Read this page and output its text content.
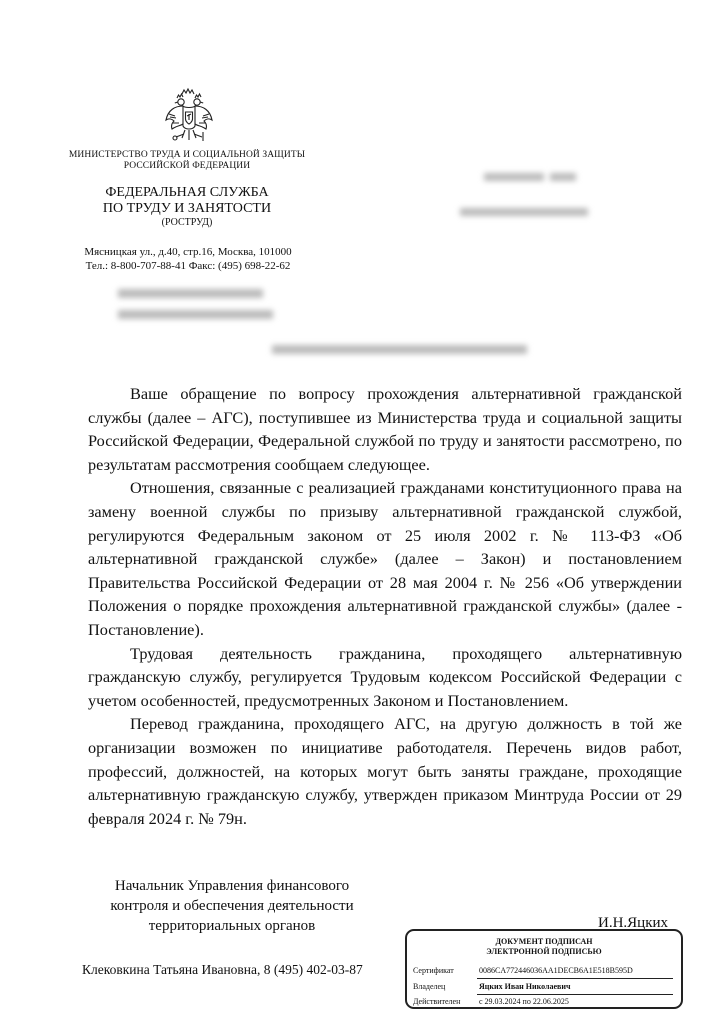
МИНИСТЕРСТВО ТРУДА И СОЦИАЛЬНОЙ ЗАЩИТЫ
РОССИЙСКОЙ ФЕДЕРАЦИИ
ФЕДЕРАЛЬНАЯ СЛУЖБА
ПО ТРУДУ И ЗАНЯТОСТИ
(РОСТРУД)
Мясницкая ул., д.40, стр.16, Москва, 101000
Тел.: 8-800-707-88-41 Факс: (495) 698-22-62

Ваше обращение по вопросу прохождения альтернативной гражданской службы (далее – АГС), поступившее из Министерства труда и социальной защиты Российской Федерации, Федеральной службой по труду и занятости рассмотрено, по результатам рассмотрения сообщаем следующее.

Отношения, связанные с реализацией гражданами конституционного права на замену военной службы по призыву альтернативной гражданской службой, регулируются Федеральным законом от 25 июля 2002 г. № 113-ФЗ «Об альтернативной гражданской службе» (далее – Закон) и постановлением Правительства Российской Федерации от 28 мая 2004 г. № 256 «Об утверждении Положения о порядке прохождения альтернативной гражданской службы» (далее - Постановление).

Трудовая деятельность гражданина, проходящего альтернативную гражданскую службу, регулируется Трудовым кодексом Российской Федерации с учетом особенностей, предусмотренных Законом и Постановлением.

Перевод гражданина, проходящего АГС, на другую должность в той же организации возможен по инициативе работодателя. Перечень видов работ, профессий, должностей, на которых могут быть заняты граждане, проходящие альтернативную гражданскую службу, утвержден приказом Минтруда России от 29 февраля 2024 г. № 79н.

Начальник Управления финансового
контроля и обеспечения деятельности
территориальных органов	И.Н.Яцких
Клековкина Татьяна Ивановна, 8 (495) 402-03-87
ДОКУМЕНТ ПОДПИСАН
ЭЛЕКТРОННОЙ ПОДПИСЬЮ
Сертификат	0086CA772446036AA1DECB6A1E518B595D
Владелец	Яцких Иван Николаевич
Действителен с 29.03.2024 по 22.06.2025
